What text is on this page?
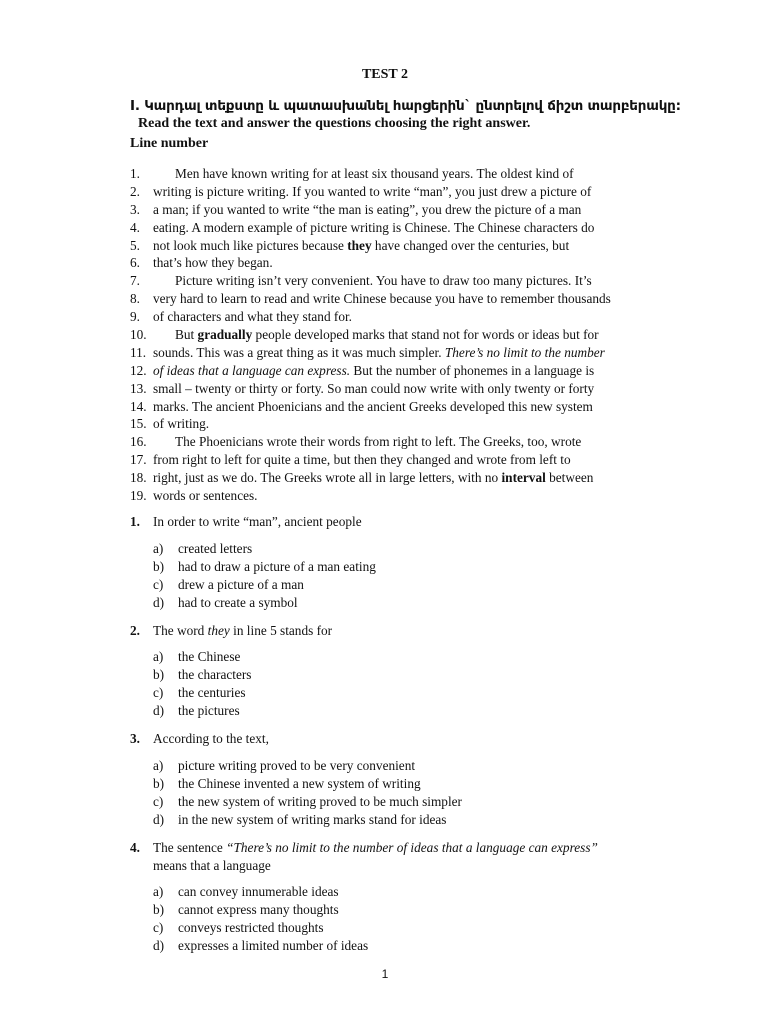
TEST 2
I. Կարդալ տեքստը և պատասխանել հարցերին` ընտրելով ճիշտ տարբերակը:
Read the text and answer the questions choosing the right answer.
Line number
1.	Men have known writing for at least six thousand years. The oldest kind of
2. writing is picture writing. If you wanted to write “man”, you just drew a picture of
3. a man; if you wanted to write “the man is eating”, you drew the picture of a man
4. eating. A modern example of picture writing is Chinese. The Chinese characters do
5. not look much like pictures because they have changed over the centuries, but
6. that’s how they began.
7.	Picture writing isn’t very convenient. You have to draw too many pictures. It’s
8. very hard to learn to read and write Chinese because you have to remember thousands
9. of characters and what they stand for.
10.	But gradually people developed marks that stand not for words or ideas but for
11. sounds. This was a great thing as it was much simpler. There’s no limit to the number
12. of ideas that a language can express. But the number of phonemes in a language is
13. small – twenty or thirty or forty. So man could now write with only twenty or forty
14. marks. The ancient Phoenicians and the ancient Greeks developed this new system
15. of writing.
16.	The Phoenicians wrote their words from right to left. The Greeks, too, wrote
17. from right to left for quite a time, but then they changed and wrote from left to
18. right, just as we do. The Greeks wrote all in large letters, with no interval between
19. words or sentences.
1. In order to write “man”, ancient people
a) created letters
b) had to draw a picture of a man eating
c) drew a picture of a man
d) had to create a symbol
2. The word they in line 5 stands for
a) the Chinese
b) the characters
c) the centuries
d) the pictures
3. According to the text,
a) picture writing proved to be very convenient
b) the Chinese invented a new system of writing
c) the new system of writing proved to be much simpler
d) in the new system of writing marks stand for ideas
4. The sentence “There’s no limit to the number of ideas that a language can express”
means that a language
a) can convey innumerable ideas
b) cannot express many thoughts
c) conveys restricted thoughts
d) expresses a limited number of ideas
1
